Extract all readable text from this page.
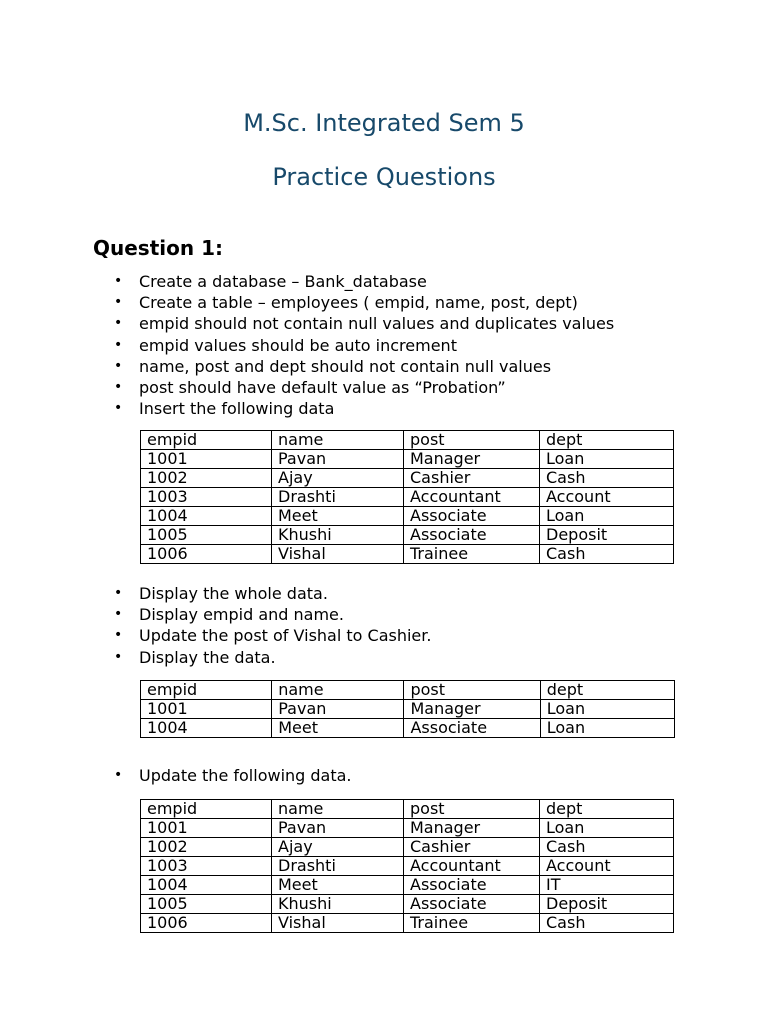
M.Sc. Integrated Sem 5
Practice Questions
Question 1:
• Create a database – Bank_database
• Create a table – employees ( empid, name, post, dept)
• empid should not contain null values and duplicates values
• empid values should be auto increment
• name, post and dept should not contain null values
• post should have default value as “Probation”
• Insert the following data
empid	name	post	dept
1001	Pavan	Manager	Loan
1002	Ajay	Cashier	Cash
1003	Drashti	Accountant	Account
1004	Meet	Associate	Loan
1005	Khushi	Associate	Deposit
1006	Vishal	Trainee	Cash
• Display the whole data.
• Display empid and name.
• Update the post of Vishal to Cashier.
• Display the data.
empid	name	post	dept
1001	Pavan	Manager	Loan
1004	Meet	Associate	Loan
• Update the following data.
empid	name	post	dept
1001	Pavan	Manager	Loan
1002	Ajay	Cashier	Cash
1003	Drashti	Accountant	Account
1004	Meet	Associate	IT
1005	Khushi	Associate	Deposit
1006	Vishal	Trainee	Cash
